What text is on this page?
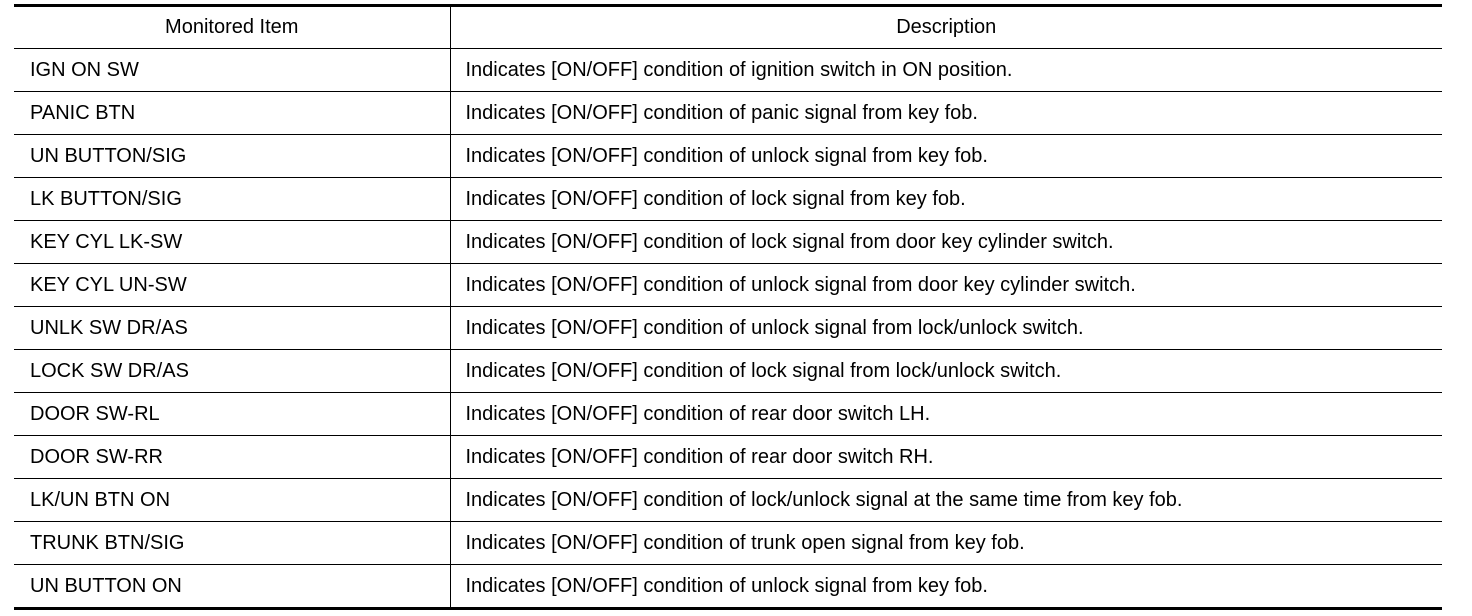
Monitored Item	Description
IGN ON SW	Indicates [ON/OFF] condition of ignition switch in ON position.
PANIC BTN	Indicates [ON/OFF] condition of panic signal from key fob.
UN BUTTON/SIG	Indicates [ON/OFF] condition of unlock signal from key fob.
LK BUTTON/SIG	Indicates [ON/OFF] condition of lock signal from key fob.
KEY CYL LK-SW	Indicates [ON/OFF] condition of lock signal from door key cylinder switch.
KEY CYL UN-SW	Indicates [ON/OFF] condition of unlock signal from door key cylinder switch.
UNLK SW DR/AS	Indicates [ON/OFF] condition of unlock signal from lock/unlock switch.
LOCK SW DR/AS	Indicates [ON/OFF] condition of lock signal from lock/unlock switch.
DOOR SW-RL	Indicates [ON/OFF] condition of rear door switch LH.
DOOR SW-RR	Indicates [ON/OFF] condition of rear door switch RH.
LK/UN BTN ON	Indicates [ON/OFF] condition of lock/unlock signal at the same time from key fob.
TRUNK BTN/SIG	Indicates [ON/OFF] condition of trunk open signal from key fob.
UN BUTTON ON	Indicates [ON/OFF] condition of unlock signal from key fob.
